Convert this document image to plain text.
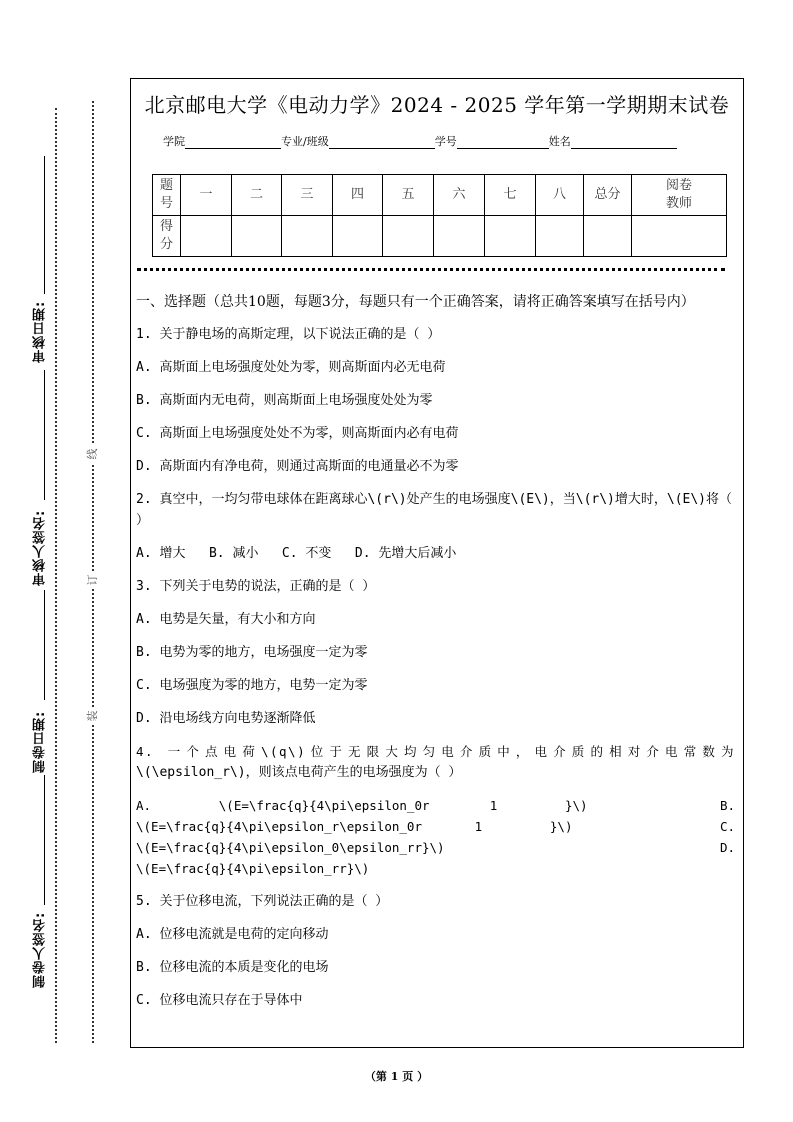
审核日期:
审核人签名:
制卷日期:
制卷人签名:
线
订
装
北京邮电大学《电动力学》2024 - 2025 学年第一学期期末试卷
学院	专业/班级	学号	姓名
题号	一	二	三	四	五	六	七	八	总分	阅卷教师
得分										

一、选择题（总共10题，每题3分，每题只有一个正确答案，请将正确答案填写在括号内）

1. 关于静电场的高斯定理，以下说法正确的是（ ）

A. 高斯面上电场强度处处为零，则高斯面内必无电荷

B. 高斯面内无电荷，则高斯面上电场强度处处为零

C. 高斯面上电场强度处处不为零，则高斯面内必有电荷

D. 高斯面内有净电荷，则通过高斯面的电通量必不为零

2. 真空中，一均匀带电球体在距离球心\(r\)处产生的电场强度\(E\)，当\(r\)增大时，\(E\)将（ ）

A. 增大   B. 减小   C. 不变   D. 先增大后减小

3. 下列关于电势的说法，正确的是（ ）

A. 电势是矢量，有大小和方向

B. 电势为零的地方，电场强度一定为零

C. 电场强度为零的地方，电势一定为零

D. 沿电场线方向电势逐渐降低

4. 一个点电荷\(q\)位于无限大均匀电介质中，电介质的相对介电常数为

\(\epsilon_r\)，则该点电荷产生的电场强度为（ ）

A.         \(E=\frac{q}{4\pi\epsilon_0r        1         }\)	B.
\(E=\frac{q}{4\pi\epsilon_r\epsilon_0r       1         }\)	C.
\(E=\frac{q}{4\pi\epsilon_0\epsilon_rr}\)	D.
\(E=\frac{q}{4\pi\epsilon_rr}\)

5. 关于位移电流，下列说法正确的是（ ）

A. 位移电流就是电荷的定向移动

B. 位移电流的本质是变化的电场

C. 位移电流只存在于导体中

（第 1 页 ）
